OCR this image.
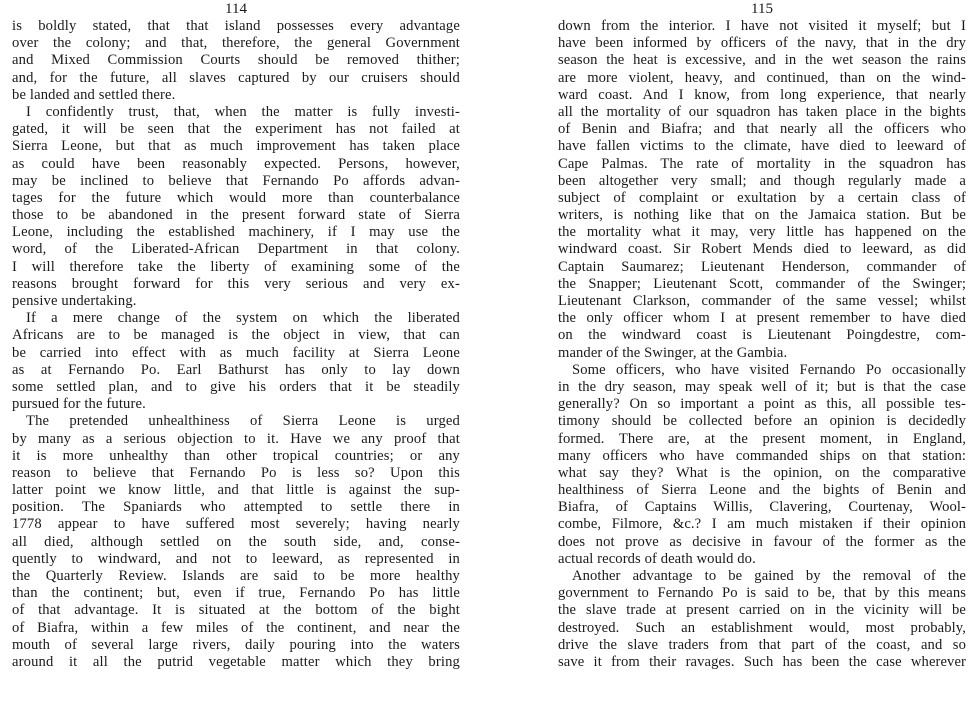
114
is boldly stated, that that island possesses every advantage
over the colony; and that, therefore, the general Government
and Mixed Commission Courts should be removed thither;
and, for the future, all slaves captured by our cruisers should
be landed and settled there.
I confidently trust, that, when the matter is fully investi-
gated, it will be seen that the experiment has not failed at
Sierra Leone, but that as much improvement has taken place
as could have been reasonably expected. Persons, however,
may be inclined to believe that Fernando Po affords advan-
tages for the future which would more than counterbalance
those to be abandoned in the present forward state of Sierra
Leone, including the established machinery, if I may use the
word, of the Liberated-African Department in that colony.
I will therefore take the liberty of examining some of the
reasons brought forward for this very serious and very ex-
pensive undertaking.
If a mere change of the system on which the liberated
Africans are to be managed is the object in view, that can
be carried into effect with as much facility at Sierra Leone
as at Fernando Po. Earl Bathurst has only to lay down
some settled plan, and to give his orders that it be steadily
pursued for the future.
The pretended unhealthiness of Sierra Leone is urged
by many as a serious objection to it. Have we any proof that
it is more unhealthy than other tropical countries; or any
reason to believe that Fernando Po is less so? Upon this
latter point we know little, and that little is against the sup-
position. The Spaniards who attempted to settle there in
1778 appear to have suffered most severely; having nearly
all died, although settled on the south side, and, conse-
quently to windward, and not to leeward, as represented in
the Quarterly Review. Islands are said to be more healthy
than the continent; but, even if true, Fernando Po has little
of that advantage. It is situated at the bottom of the bight
of Biafra, within a few miles of the continent, and near the
mouth of several large rivers, daily pouring into the waters
around it all the putrid vegetable matter which they bring
115
down from the interior. I have not visited it myself; but I
have been informed by officers of the navy, that in the dry
season the heat is excessive, and in the wet season the rains
are more violent, heavy, and continued, than on the wind-
ward coast. And I know, from long experience, that nearly
all the mortality of our squadron has taken place in the bights
of Benin and Biafra; and that nearly all the officers who
have fallen victims to the climate, have died to leeward of
Cape Palmas. The rate of mortality in the squadron has
been altogether very small; and though regularly made a
subject of complaint or exultation by a certain class of
writers, is nothing like that on the Jamaica station. But be
the mortality what it may, very little has happened on the
windward coast. Sir Robert Mends died to leeward, as did
Captain Saumarez; Lieutenant Henderson, commander of
the Snapper; Lieutenant Scott, commander of the Swinger;
Lieutenant Clarkson, commander of the same vessel; whilst
the only officer whom I at present remember to have died
on the windward coast is Lieutenant Poingdestre, com-
mander of the Swinger, at the Gambia.
Some officers, who have visited Fernando Po occasionally
in the dry season, may speak well of it; but is that the case
generally? On so important a point as this, all possible tes-
timony should be collected before an opinion is decidedly
formed. There are, at the present moment, in England,
many officers who have commanded ships on that station:
what say they? What is the opinion, on the comparative
healthiness of Sierra Leone and the bights of Benin and
Biafra, of Captains Willis, Clavering, Courtenay, Wool-
combe, Filmore, &c.? I am much mistaken if their opinion
does not prove as decisive in favour of the former as the
actual records of death would do.
Another advantage to be gained by the removal of the
government to Fernando Po is said to be, that by this means
the slave trade at present carried on in the vicinity will be
destroyed. Such an establishment would, most probably,
drive the slave traders from that part of the coast, and so
save it from their ravages. Such has been the case wherever
